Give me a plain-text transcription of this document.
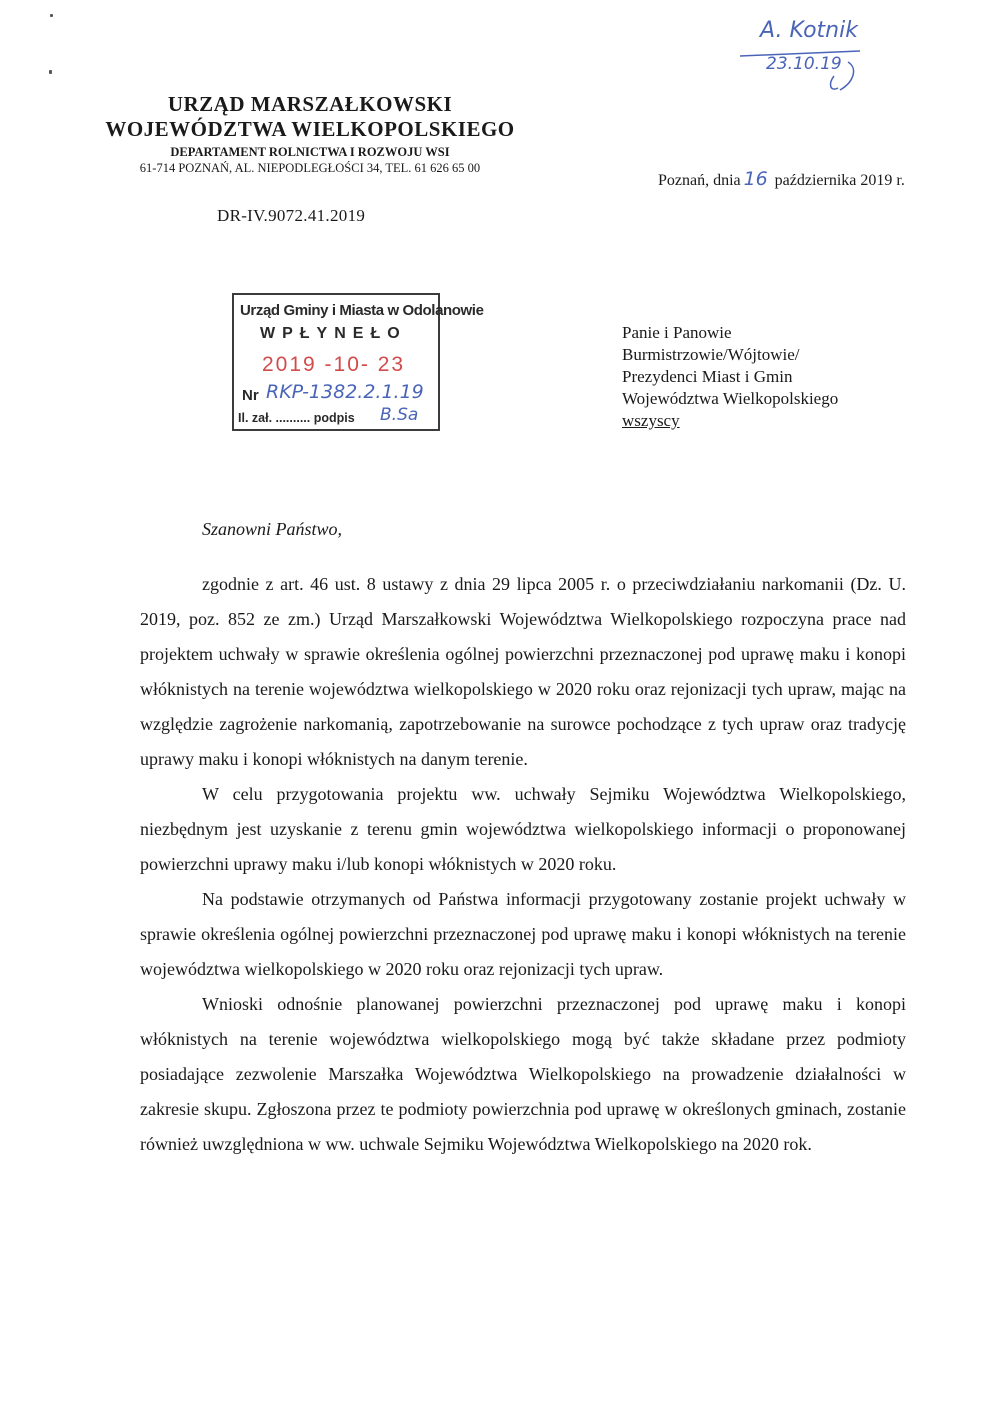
A. Kotnik
23.10.19
URZĄD MARSZAŁKOWSKI
WOJEWÓDZTWA WIELKOPOLSKIEGO
DEPARTAMENT ROLNICTWA I ROZWOJU WSI
61-714 POZNAŃ, AL. NIEPODLEGŁOŚCI 34, TEL. 61 626 65 00
Poznań, dnia 16 października 2019 r.
DR-IV.9072.41.2019
Urząd Gminy i Miasta w Odolanowie
WPŁYNEŁO
2019 -10- 23
Nr RKP-1382.2.1.19
Il. zał. .......... podpis B.Sa
Panie i Panowie
Burmistrzowie/Wójtowie/
Prezydenci Miast i Gmin
Województwa Wielkopolskiego
wszyscy
Szanowni Państwo,

zgodnie z art. 46 ust. 8 ustawy z dnia 29 lipca 2005 r. o przeciwdziałaniu narkomanii (Dz. U. 2019, poz. 852 ze zm.) Urząd Marszałkowski Województwa Wielkopolskiego rozpoczyna prace nad projektem uchwały w sprawie określenia ogólnej powierzchni przeznaczonej pod uprawę maku i konopi włóknistych na terenie województwa wielkopolskiego w 2020 roku oraz rejonizacji tych upraw, mając na względzie zagrożenie narkomanią, zapotrzebowanie na surowce pochodzące z tych upraw oraz tradycję uprawy maku i konopi włóknistych na danym terenie.

W celu przygotowania projektu ww. uchwały Sejmiku Województwa Wielkopolskiego, niezbędnym jest uzyskanie z terenu gmin województwa wielkopolskiego informacji o proponowanej powierzchni uprawy maku i/lub konopi włóknistych w 2020 roku.

Na podstawie otrzymanych od Państwa informacji przygotowany zostanie projekt uchwały w sprawie określenia ogólnej powierzchni przeznaczonej pod uprawę maku i konopi włóknistych na terenie województwa wielkopolskiego w 2020 roku oraz rejonizacji tych upraw.

Wnioski odnośnie planowanej powierzchni przeznaczonej pod uprawę maku i konopi włóknistych na terenie województwa wielkopolskiego mogą być także składane przez podmioty posiadające zezwolenie Marszałka Województwa Wielkopolskiego na prowadzenie działalności w zakresie skupu. Zgłoszona przez te podmioty powierzchnia pod uprawę w określonych gminach, zostanie również uwzględniona w ww. uchwale Sejmiku Województwa Wielkopolskiego na 2020 rok.
